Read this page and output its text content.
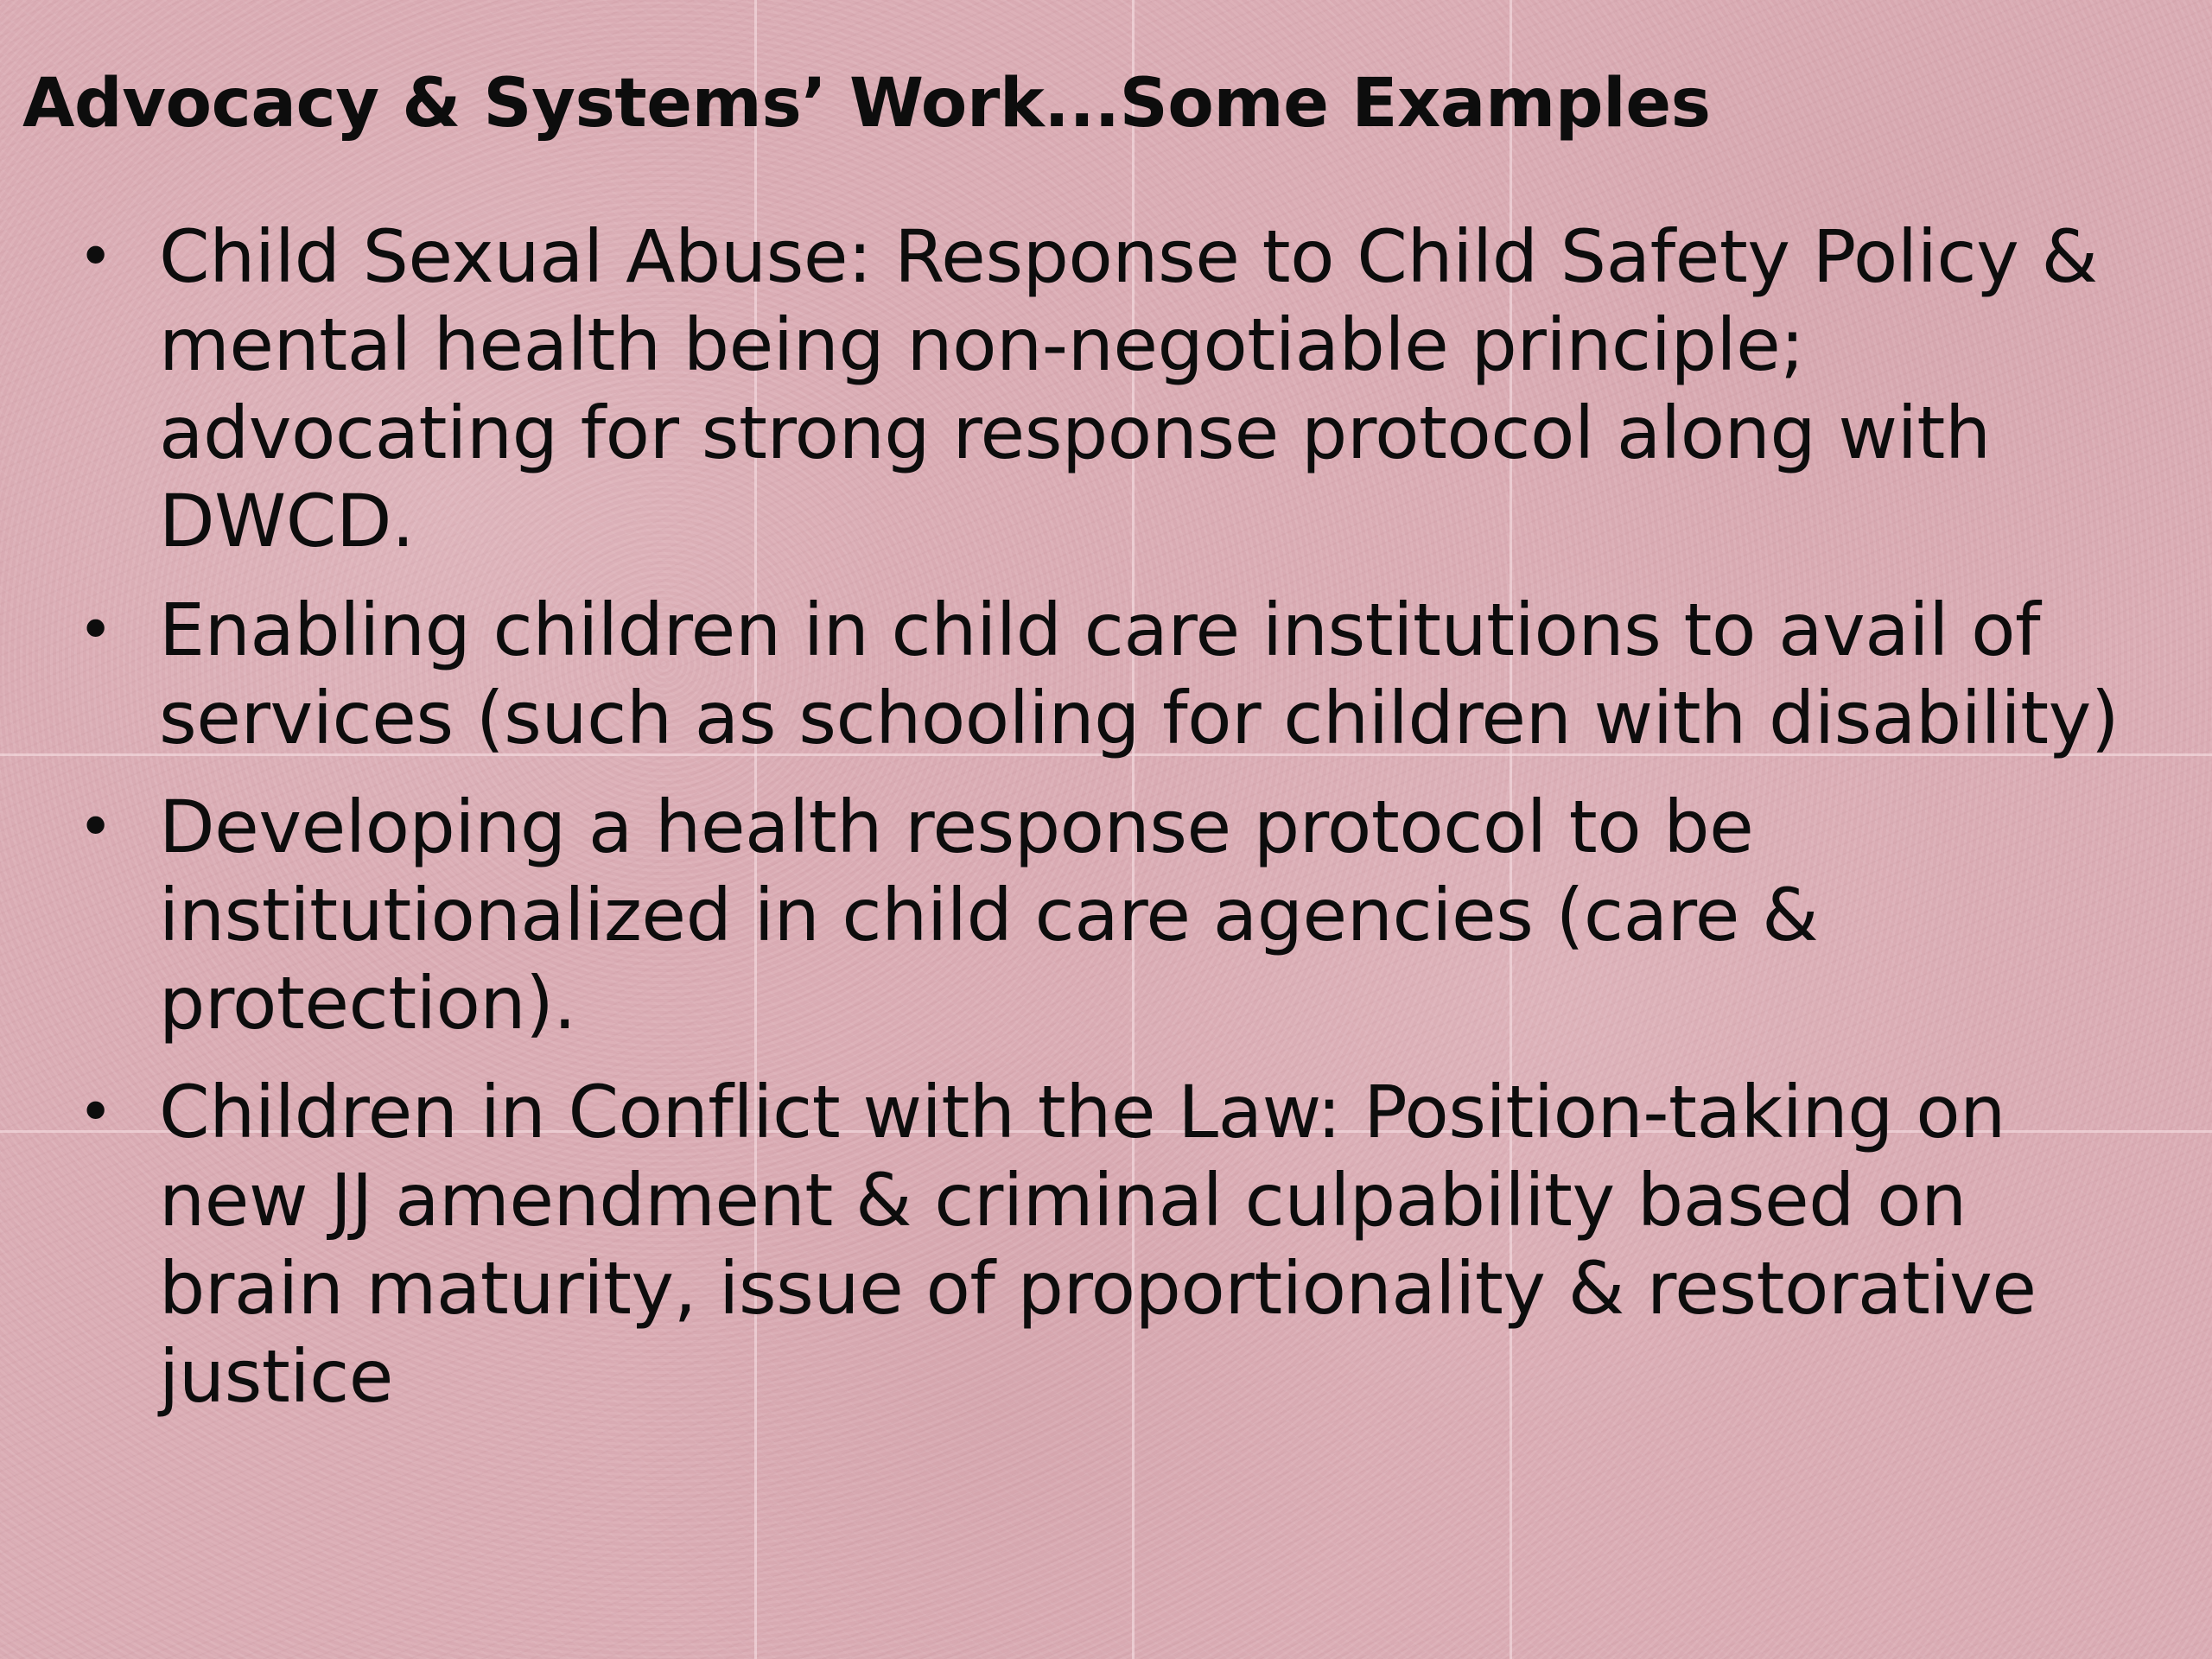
Advocacy & Systems’ Work...Some Examples
• Child Sexual Abuse: Response to Child Safety Policy & mental health being non-negotiable principle; advocating for strong response protocol along with DWCD.
• Enabling children in child care institutions to avail of services (such as schooling for children with disability)
• Developing a health response protocol to be institutionalized in child care agencies (care & protection).
• Children in Conflict with the Law: Position-taking on new JJ amendment & criminal culpability based on brain maturity, issue of proportionality & restorative justice
